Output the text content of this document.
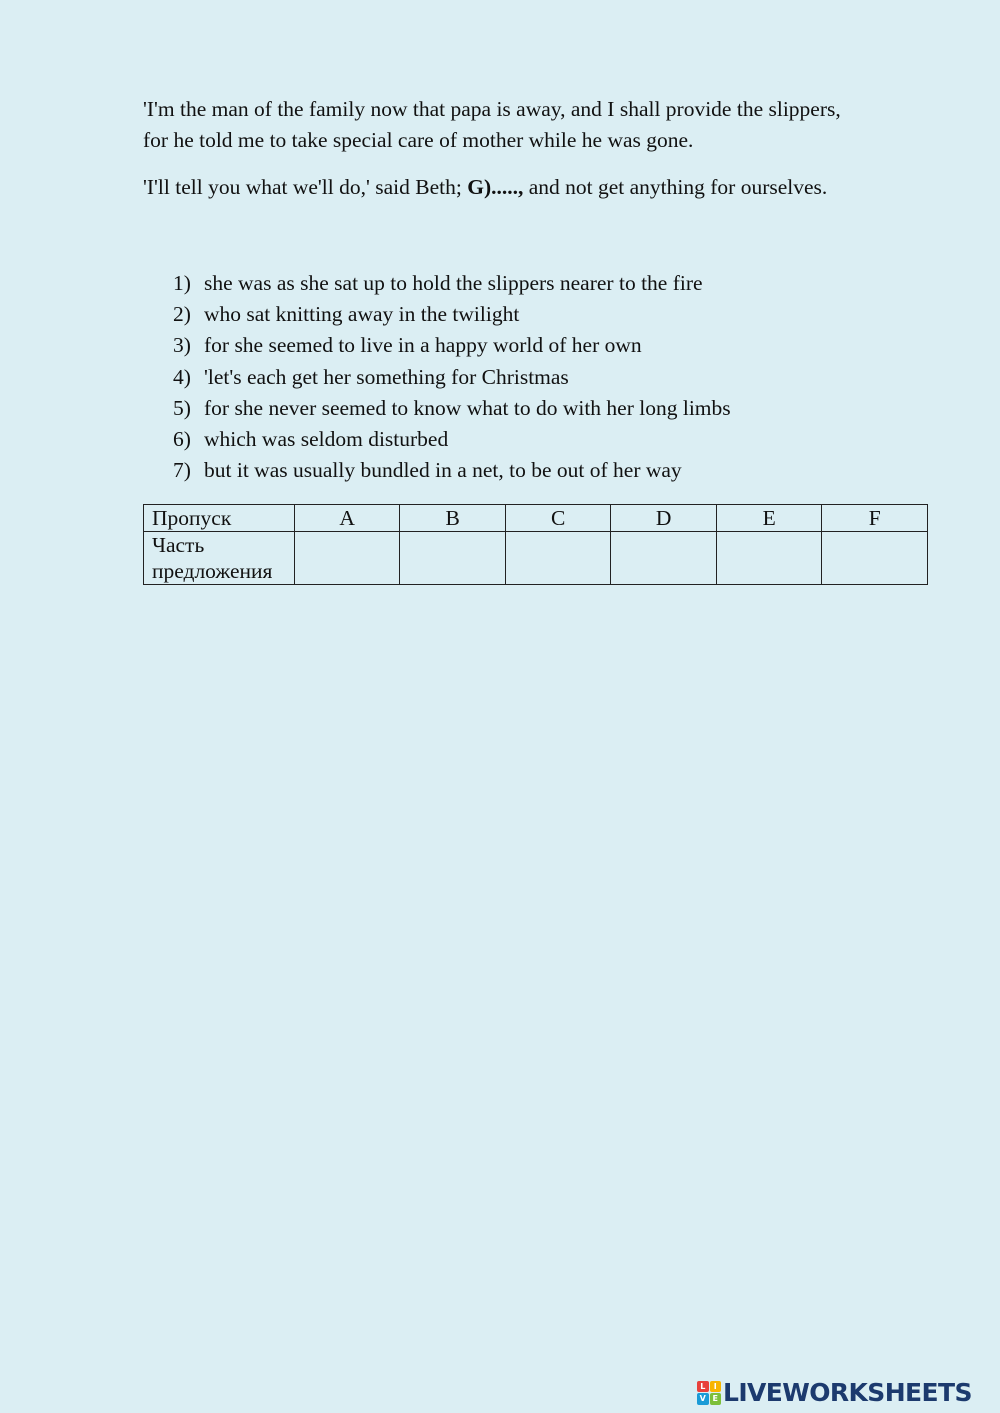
'I'm the man of the family now that papa is away, and I shall provide the slippers,
for he told me to take special care of mother while he was gone.

'I'll tell you what we'll do,' said Beth; G)....., and not get anything for ourselves.

1) she was as she sat up to hold the slippers nearer to the fire
2) who sat knitting away in the twilight
3) for she seemed to live in a happy world of her own
4) 'let's each get her something for Christmas
5) for she never seemed to know what to do with her long limbs
6) which was seldom disturbed
7) but it was usually bundled in a net, to be out of her way
Пропуск	A	B	C	D	E	F
Часть
предложения						
L	I
V E LIVEWORKSHEETS
